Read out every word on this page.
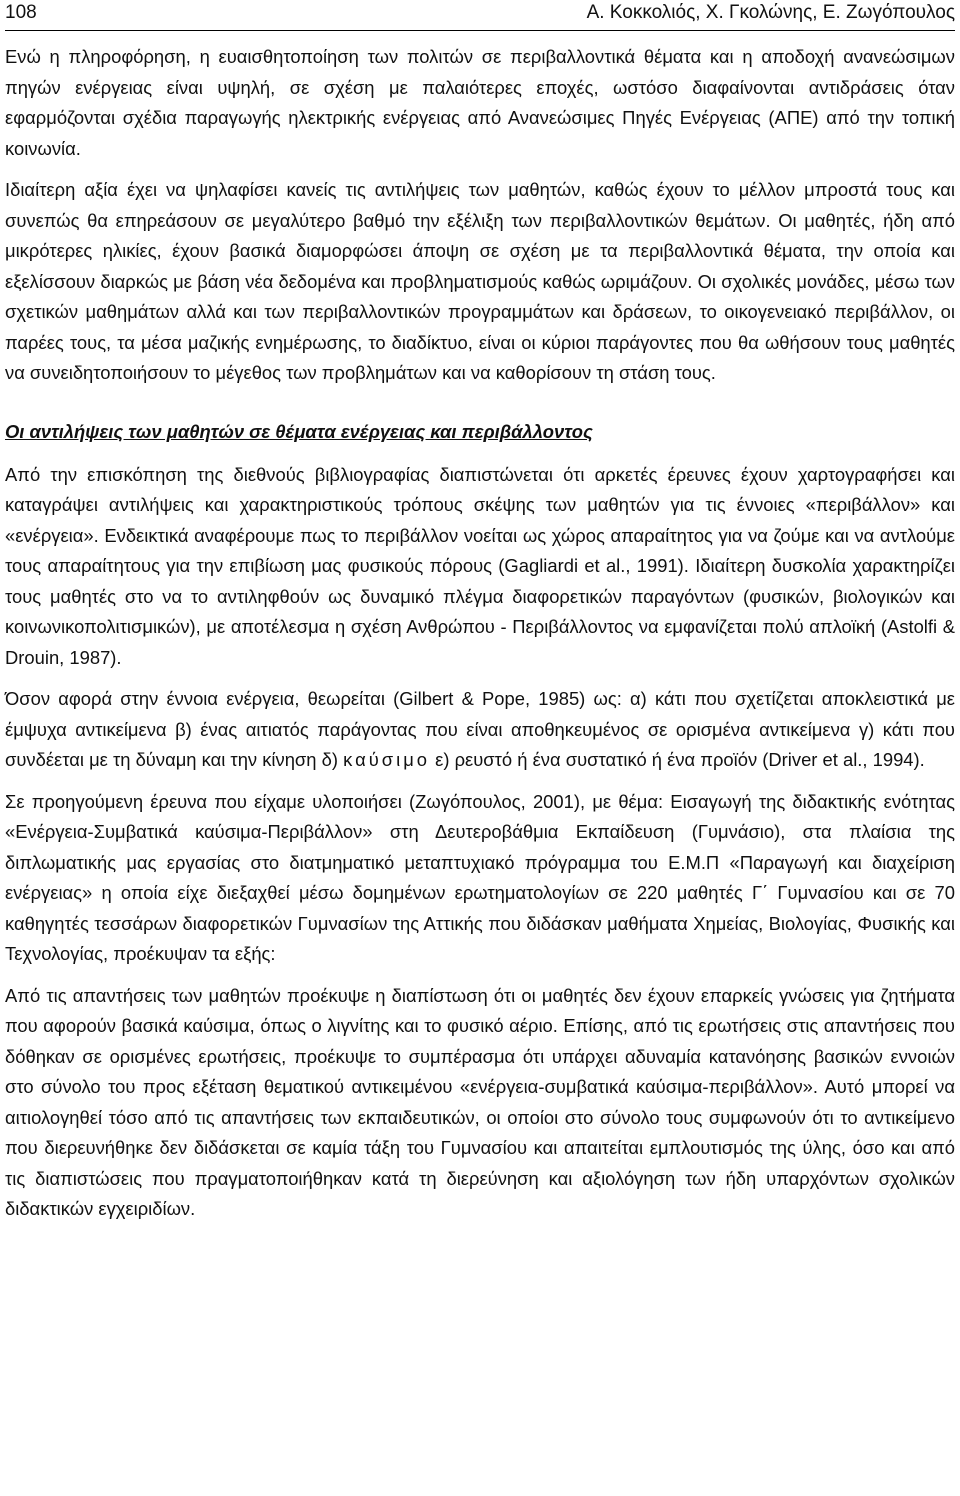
108	Α. Κοκκολιός, Χ. Γκολώνης, Ε. Ζωγόπουλος

Ενώ η πληροφόρηση, η ευαισθητοποίηση των πολιτών σε περιβαλλοντικά θέματα και η αποδοχή ανανεώσιμων πηγών ενέργειας είναι υψηλή, σε σχέση με παλαιότερες εποχές, ωστόσο διαφαίνονται αντιδράσεις όταν εφαρμόζονται σχέδια παραγωγής ηλεκτρικής ενέργειας από Ανανεώσιμες Πηγές Ενέργειας (ΑΠΕ) από την τοπική κοινωνία.

Ιδιαίτερη αξία έχει να ψηλαφίσει κανείς τις αντιλήψεις των μαθητών, καθώς έχουν το μέλλον μπροστά τους και συνεπώς θα επηρεάσουν σε μεγαλύτερο βαθμό την εξέλιξη των περιβαλλοντικών θεμάτων. Οι μαθητές, ήδη από μικρότερες ηλικίες, έχουν βασικά διαμορφώσει άποψη σε σχέση με τα περιβαλλοντικά θέματα, την οποία και εξελίσσουν διαρκώς με βάση νέα δεδομένα και προβληματισμούς καθώς ωριμάζουν. Οι σχολικές μονάδες, μέσω των σχετικών μαθημάτων αλλά και των περιβαλλοντικών προγραμμάτων και δράσεων, το οικογενειακό περιβάλλον, οι παρέες τους, τα μέσα μαζικής ενημέρωσης, το διαδίκτυο, είναι οι κύριοι παράγοντες που θα ωθήσουν τους μαθητές να συνειδητοποιήσουν το μέγεθος των προβλημάτων και να καθορίσουν τη στάση τους.

Οι αντιλήψεις των μαθητών σε θέματα ενέργειας και περιβάλλοντος

Από την επισκόπηση της διεθνούς βιβλιογραφίας διαπιστώνεται ότι αρκετές έρευνες έχουν χαρτογραφήσει και καταγράψει αντιλήψεις και χαρακτηριστικούς τρόπους σκέψης των μαθητών για τις έννοιες «περιβάλλον» και «ενέργεια». Ενδεικτικά αναφέρουμε πως το περιβάλλον νοείται ως χώρος απαραίτητος για να ζούμε και να αντλούμε τους απαραίτητους για την επιβίωση μας φυσικούς πόρους (Gagliardi et al., 1991). Ιδιαίτερη δυσκολία χαρακτηρίζει τους μαθητές στο να το αντιληφθούν ως δυναμικό πλέγμα διαφορετικών παραγόντων (φυσικών, βιολογικών και κοινωνικοπολιτισμικών), με αποτέλεσμα η σχέση Ανθρώπου - Περιβάλλοντος να εμφανίζεται πολύ απλοϊκή (Astolfi & Drouin, 1987).

Όσον αφορά στην έννοια ενέργεια, θεωρείται (Gilbert & Pope, 1985) ως: α) κάτι που σχετίζεται αποκλειστικά με έμψυχα αντικείμενα β) ένας αιτιατός παράγοντας που είναι αποθηκευμένος σε ορισμένα αντικείμενα γ) κάτι που συνδέεται με τη δύναμη και την κίνηση δ) καύσιμο ε) ρευστό ή ένα συστατικό ή ένα προϊόν (Driver et al., 1994).

Σε προηγούμενη έρευνα που είχαμε υλοποιήσει (Ζωγόπουλος, 2001), με θέμα: Εισαγωγή της διδακτικής ενότητας «Ενέργεια-Συμβατικά καύσιμα-Περιβάλλον» στη Δευτεροβάθμια Εκπαίδευση (Γυμνάσιο), στα πλαίσια της διπλωματικής μας εργασίας στο διατμηματικό μεταπτυχιακό πρόγραμμα του Ε.Μ.Π «Παραγωγή και διαχείριση ενέργειας» η οποία είχε διεξαχθεί μέσω δομημένων ερωτηματολογίων σε 220 μαθητές Γ΄ Γυμνασίου και σε 70 καθηγητές τεσσάρων διαφορετικών Γυμνασίων της Αττικής που διδάσκαν μαθήματα Χημείας, Βιολογίας, Φυσικής και Τεχνολογίας, προέκυψαν τα εξής:

Από τις απαντήσεις των μαθητών προέκυψε η διαπίστωση ότι οι μαθητές δεν έχουν επαρκείς γνώσεις για ζητήματα που αφορούν βασικά καύσιμα, όπως ο λιγνίτης και το φυσικό αέριο. Επίσης, από τις ερωτήσεις στις απαντήσεις που δόθηκαν σε ορισμένες ερωτήσεις, προέκυψε το συμπέρασμα ότι υπάρχει αδυναμία κατανόησης βασικών εννοιών στο σύνολο του προς εξέταση θεματικού αντικειμένου «ενέργεια-συμβατικά καύσιμα-περιβάλλον». Αυτό μπορεί να αιτιολογηθεί τόσο από τις απαντήσεις των εκπαιδευτικών, οι οποίοι στο σύνολο τους συμφωνούν ότι το αντικείμενο που διερευνήθηκε δεν διδάσκεται σε καμία τάξη του Γυμνασίου και απαιτείται εμπλουτισμός της ύλης, όσο και από τις διαπιστώσεις που πραγματοποιήθηκαν κατά τη διερεύνηση και αξιολόγηση των ήδη υπαρχόντων σχολικών διδακτικών εγχειριδίων.
